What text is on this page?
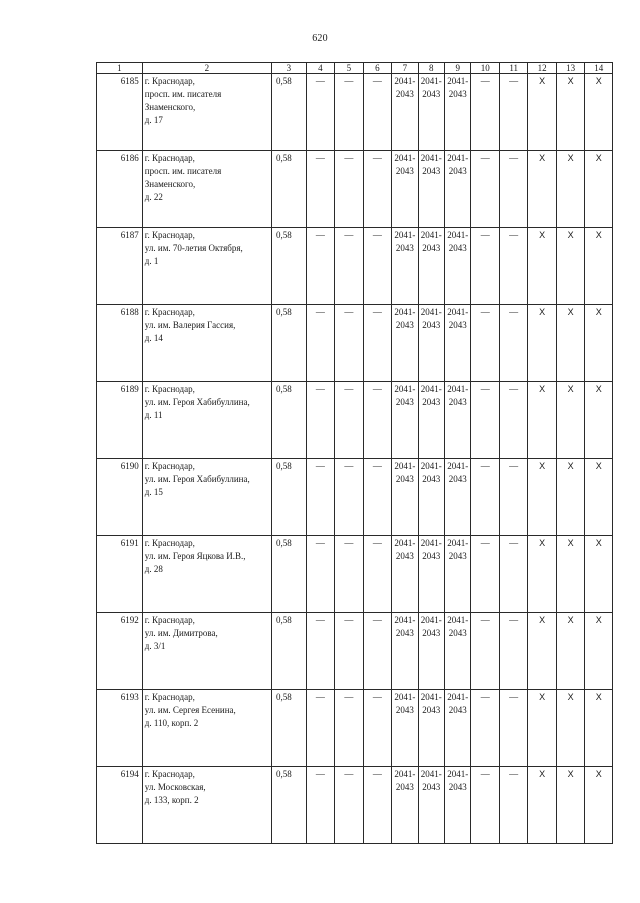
620
1	2	3	4	5	6	7	8	9	10	11	12	13	14
6185	г. Краснодар,
просп. им. писателя
Знаменского,
д. 17	0,58	—	—	—	2041-
2043	2041-
2043	2041-
2043	—	—	X	X	X
6186	г. Краснодар,
просп. им. писателя
Знаменского,
д. 22	0,58	—	—	—	2041-
2043	2041-
2043	2041-
2043	—	—	X	X	X
6187	г. Краснодар,
ул. им. 70-летия Октября,
д. 1	0,58	—	—	—	2041-
2043	2041-
2043	2041-
2043	—	—	X	X	X
6188	г. Краснодар,
ул. им. Валерия Гассия,
д. 14	0,58	—	—	—	2041-
2043	2041-
2043	2041-
2043	—	—	X	X	X
6189	г. Краснодар,
ул. им. Героя Хабибуллина,
д. 11	0,58	—	—	—	2041-
2043	2041-
2043	2041-
2043	—	—	X	X	X
6190	г. Краснодар,
ул. им. Героя Хабибуллина,
д. 15	0,58	—	—	—	2041-
2043	2041-
2043	2041-
2043	—	—	X	X	X
6191	г. Краснодар,
ул. им. Героя Яцкова И.В.,
д. 28	0,58	—	—	—	2041-
2043	2041-
2043	2041-
2043	—	—	X	X	X
6192	г. Краснодар,
ул. им. Димитрова,
д. 3/1	0,58	—	—	—	2041-
2043	2041-
2043	2041-
2043	—	—	X	X	X
6193	г. Краснодар,
ул. им. Сергея Есенина,
д. 110, корп. 2	0,58	—	—	—	2041-
2043	2041-
2043	2041-
2043	—	—	X	X	X
6194	г. Краснодар,
ул. Московская,
д. 133, корп. 2	0,58	—	—	—	2041-
2043	2041-
2043	2041-
2043	—	—	X	X	X
